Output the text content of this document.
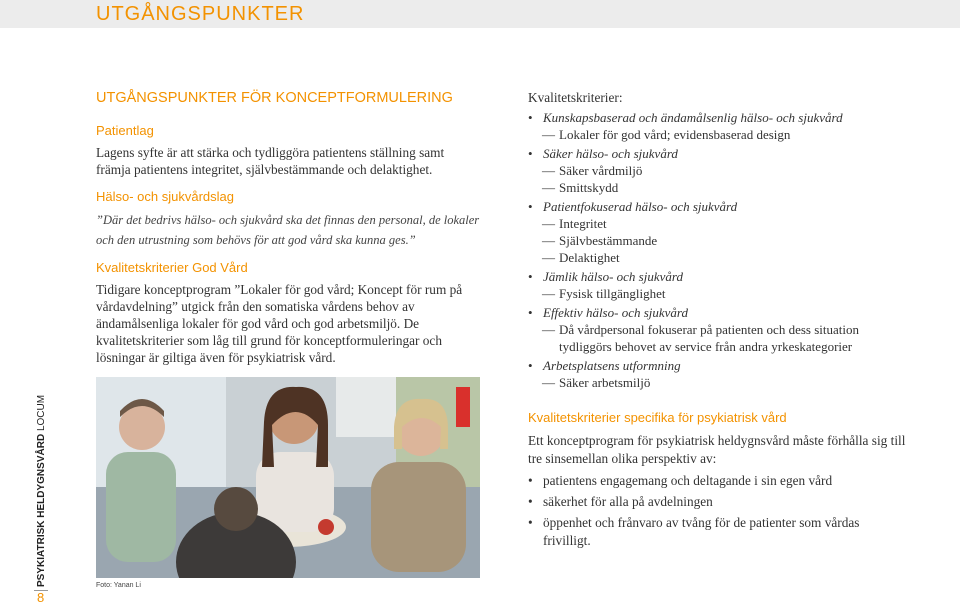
UTGÅNGSPUNKTER
UTGÅNGSPUNKTER FÖR KONCEPTFORMULERING
Patientlag
Lagens syfte är att stärka och tydliggöra patientens ställning samt främja patientens integritet, självbestämmande och delaktighet.
Hälso- och sjukvårdslag
”Där det bedrivs hälso- och sjukvård ska det finnas den personal, de lokaler och den utrustning som behövs för att god vård ska kunna ges.”
Kvalitetskriterier God Vård
Tidigare konceptprogram ”Lokaler för god vård; Koncept för rum på vårdavdelning” utgick från den somatiska vårdens behov av ändamålsenliga lokaler för god vård och god arbetsmiljö. De kvalitetskriterier som låg till grund för konceptformuleringar och lösningar är giltiga även för psykiatrisk vård.
Kvalitetskriterier:
• Kunskapsbaserad och ändamålsenlig hälso- och sjukvård
— Lokaler för god vård; evidensbaserad design
• Säker hälso- och sjukvård
— Säker vårdmiljö
— Smittskydd
• Patientfokuserad hälso- och sjukvård
— Integritet
— Självbestämmande
— Delaktighet
• Jämlik hälso- och sjukvård
— Fysisk tillgänglighet
• Effektiv hälso- och sjukvård
— Då vårdpersonal fokuserar på patienten och dess situation tydliggörs behovet av service från andra yrkeskategorier
• Arbetsplatsens utformning
— Säker arbetsmiljö
Kvalitetskriterier specifika för psykiatrisk vård
Ett konceptprogram för psykiatrisk heldygnsvård måste förhålla sig till tre sinsemellan olika perspektiv av:
• patientens engagemang och deltagande i sin egen vård
• säkerhet för alla på avdelningen
• öppenhet och frånvaro av tvång för de patienter som vårdas frivilligt.
Foto: Yanan Li
PSYKIATRISK HELDYGNSVÅRD LOCUM
8
